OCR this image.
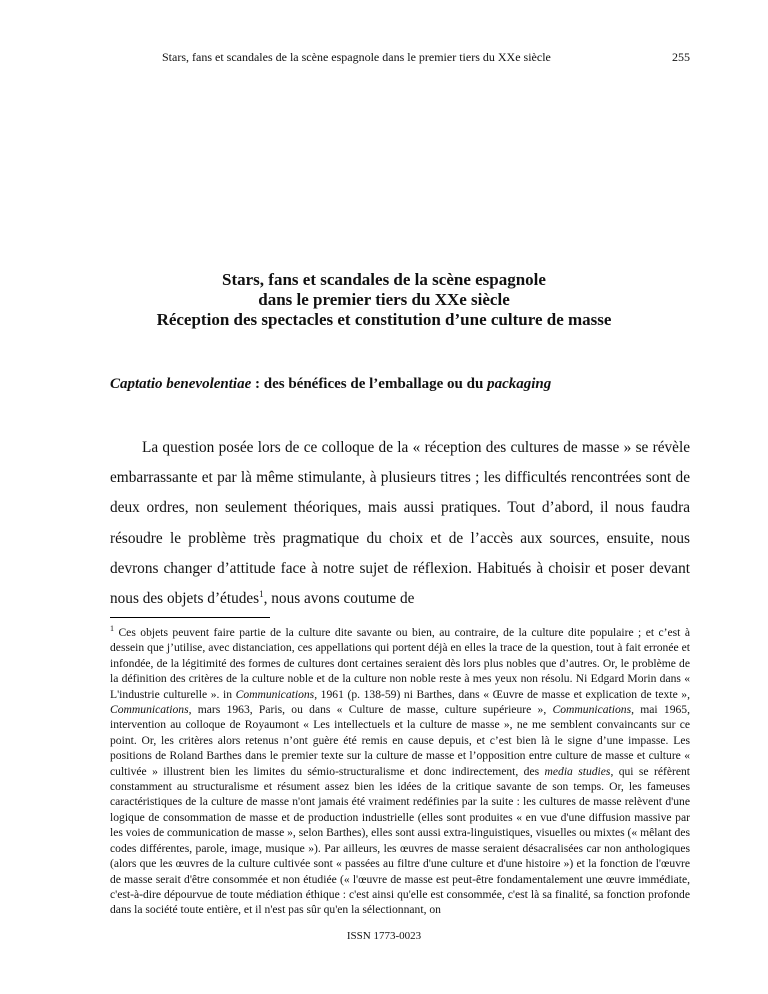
Stars, fans et scandales de la scène espagnole dans le premier tiers du XXe siècle	255
Stars, fans et scandales de la scène espagnole
dans le premier tiers du XXe siècle
Réception des spectacles et constitution d’une culture de masse
Captatio benevolentiae : des bénéfices de l’emballage ou du packaging

La question posée lors de ce colloque de la « réception des cultures de masse » se révèle embarrassante et par là même stimulante, à plusieurs titres ; les difficultés rencontrées sont de deux ordres, non seulement théoriques, mais aussi pratiques. Tout d’abord, il nous faudra résoudre le problème très pragmatique du choix et de l’accès aux sources, ensuite, nous devrons changer d’attitude face à notre sujet de réflexion. Habitués à choisir et poser devant nous des objets d’études$^1$, nous avons coutume de

$^1$ Ces objets peuvent faire partie de la culture dite savante ou bien, au contraire, de la culture dite populaire ; et c’est à dessein que j’utilise, avec distanciation, ces appellations qui portent déjà en elles la trace de la question, tout à fait erronée et infondée, de la légitimité des formes de cultures dont certaines seraient dès lors plus nobles que d’autres. Or, le problème de la définition des critères de la culture noble et de la culture non noble reste à mes yeux non résolu. Ni Edgard Morin dans « L'industrie culturelle ». in Communications, 1961 (p. 138-59) ni Barthes, dans « Œuvre de masse et explication de texte », Communications, mars 1963, Paris, ou dans « Culture de masse, culture supérieure », Communications, mai 1965, intervention au colloque de Royaumont « Les intellectuels et la culture de masse », ne me semblent convaincants sur ce point. Or, les critères alors retenus n’ont guère été remis en cause depuis, et c’est bien là le signe d’une impasse. Les positions de Roland Barthes dans le premier texte sur la culture de masse et l’opposition entre culture de masse et culture « cultivée » illustrent bien les limites du sémio-structuralisme et donc indirectement, des media studies, qui se réfèrent constamment au structuralisme et résument assez bien les idées de la critique savante de son temps. Or, les fameuses caractéristiques de la culture de masse n'ont jamais été vraiment redéfinies par la suite : les cultures de masse relèvent d'une logique de consommation de masse et de production industrielle (elles sont produites « en vue d'une diffusion massive par les voies de communication de masse », selon Barthes), elles sont aussi extra-linguistiques, visuelles ou mixtes (« mêlant des codes différentes, parole, image, musique »). Par ailleurs, les œuvres de masse seraient désacralisées car non anthologiques (alors que les œuvres de la culture cultivée sont « passées au filtre d'une culture et d'une histoire ») et la fonction de l'œuvre de masse serait d'être consommée et non étudiée (« l'œuvre de masse est peut-être fondamentalement une œuvre immédiate, c'est-à-dire dépourvue de toute médiation éthique : c'est ainsi qu'elle est consommée, c'est là sa finalité, sa fonction profonde dans la société toute entière, et il n'est pas sûr qu'en la sélectionnant, on
ISSN 1773-0023
